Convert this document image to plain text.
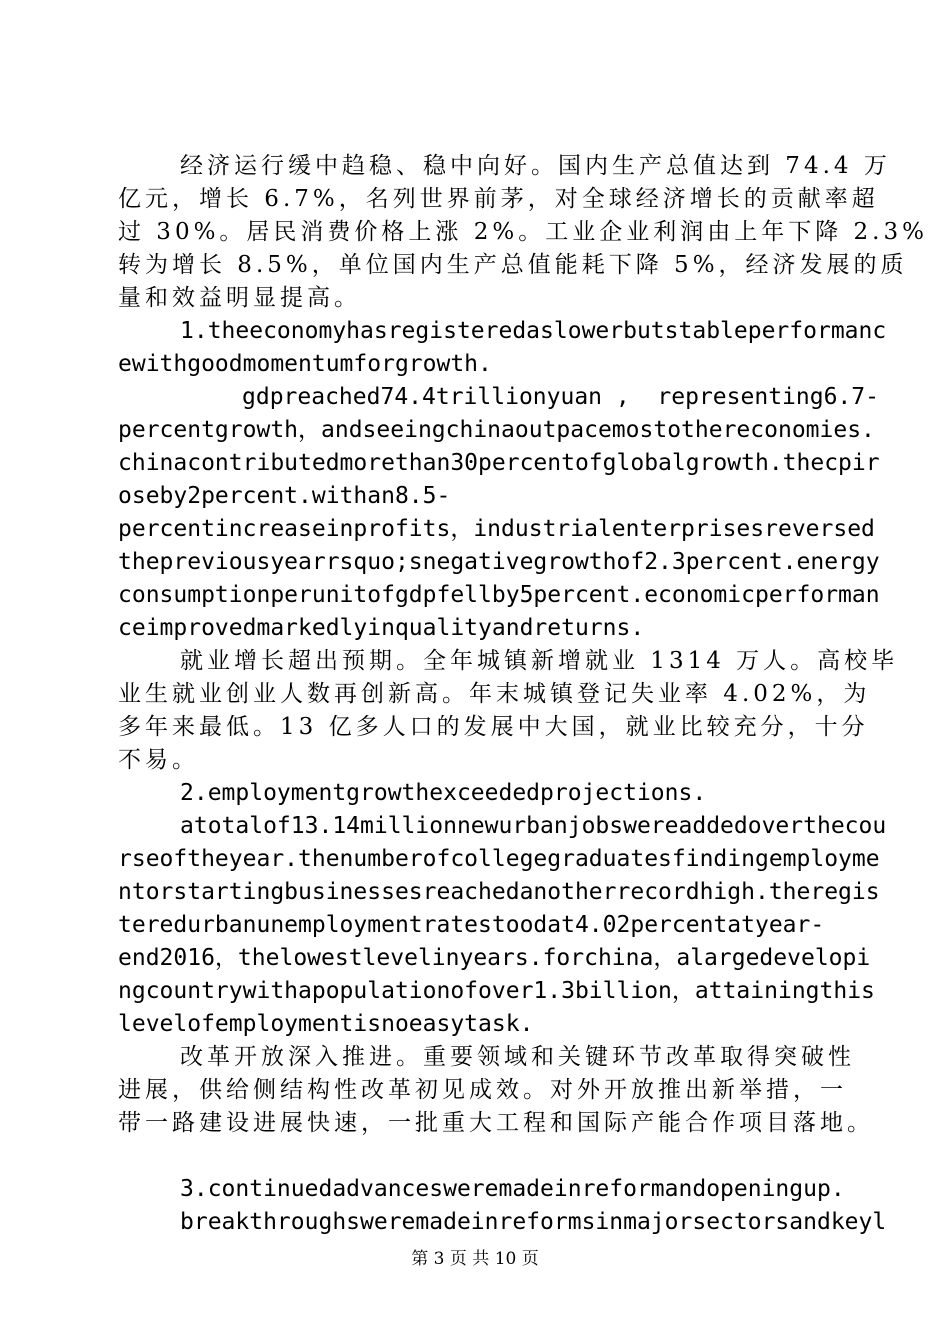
经济运行缓中趋稳、稳中向好。国内生产总值达到 74.4 万
亿元，增长 6.7%，名列世界前茅，对全球经济增长的贡献率超
过 30%。居民消费价格上涨 2%。工业企业利润由上年下降 2.3%
转为增长 8.5%，单位国内生产总值能耗下降 5%，经济发展的质
量和效益明显提高。
1.theeconomyhasregisteredaslowerbutstableperformanc
ewithgoodmomentumforgrowth.
gdpreached74.4trillionyuan ,  representing6.7-
percentgrowth，andseeingchinaoutpacemostothereconomies.
chinacontributedmorethan30percentofglobalgrowth.thecpir
oseby2percent.withan8.5-
percentincreaseinprofits，industrialenterprisesreversed
thepreviousyearrsquo;snegativegrowthof2.3percent.energy
consumptionperunitofgdpfellby5percent.economicperforman
ceimprovedmarkedlyinqualityandreturns.
就业增长超出预期。全年城镇新增就业 1314 万人。高校毕
业生就业创业人数再创新高。年末城镇登记失业率 4.02%，为
多年来最低。13 亿多人口的发展中大国，就业比较充分，十分
不易。
2.employmentgrowthexceededprojections.
atotalof13.14millionnewurbanjobswereaddedoverthecou
rseoftheyear.thenumberofcollegegraduatesfindingemployme
ntorstartingbusinessesreachedanotherrecordhigh.theregis
teredurbanunemploymentratestoodat4.02percentatyear-
end2016，thelowestlevelinyears.forchina，alargedevelopi
ngcountrywithapopulationofover1.3billion，attainingthis
levelofemploymentisnoeasytask.
改革开放深入推进。重要领域和关键环节改革取得突破性
进展，供给侧结构性改革初见成效。对外开放推出新举措，一
带一路建设进展快速，一批重大工程和国际产能合作项目落地。
3.continuedadvancesweremadeinreformandopeningup.
breakthroughsweremadeinreformsinmajorsectorsandkeyl
第 3 页 共 10 页
